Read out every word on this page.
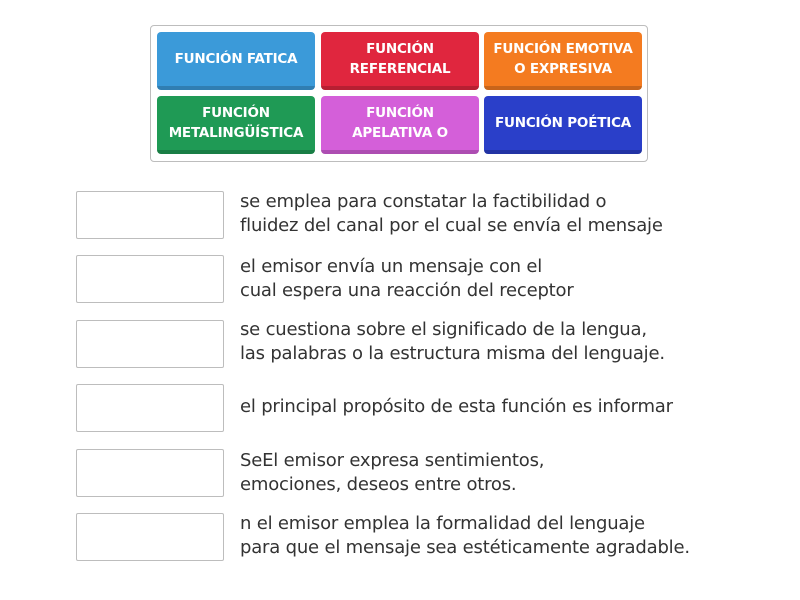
FUNCIÓN FATICA
FUNCIÓN REFERENCIAL
FUNCIÓN EMOTIVA O EXPRESIVA
FUNCIÓN METALINGÜÍSTICA
FUNCIÓN APELATIVA O
FUNCIÓN POÉTICA
se emplea para constatar la factibilidad o
fluidez del canal por el cual se envía el mensaje
el emisor envía un mensaje con el
cual espera una reacción del receptor
se cuestiona sobre el significado de la lengua,
las palabras o la estructura misma del lenguaje.
el principal propósito de esta función es informar
SeEl emisor expresa sentimientos,
emociones, deseos entre otros.
n el emisor emplea la formalidad del lenguaje
para que el mensaje sea estéticamente agradable.
